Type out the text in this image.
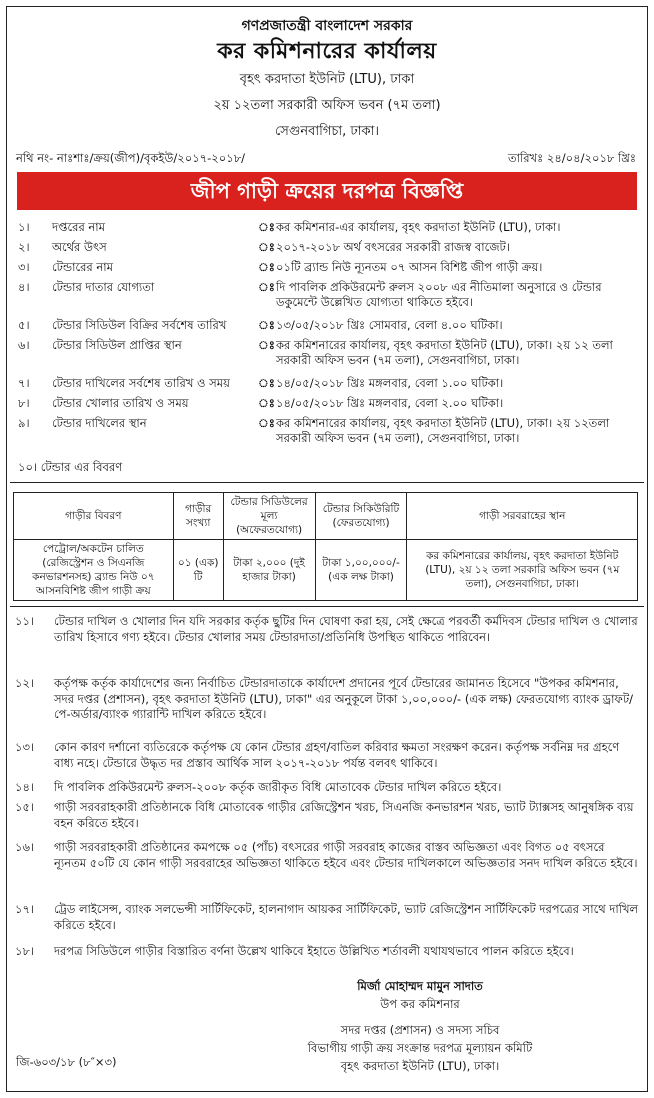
গণপ্রজাতন্ত্রী বাংলাদেশ সরকার
কর কমিশনারের কার্যালয়
বৃহৎ করদাতা ইউনিট (LTU), ঢাকা
২য় ১২তলা সরকারী অফিস ভবন (৭ম তলা)
সেগুনবাগিচা, ঢাকা।
নথি নং- নাঃশাঃ/ক্রয়(জীপ)/বৃকইউ/২০১৭-২০১৮/	তারিখঃ ২৪/০৪/২০১৮ খ্রিঃ
জীপ গাড়ী ক্রয়ের দরপত্র বিজ্ঞপ্তি
১। দপ্তরের নাম	ঃ কর কমিশনার-এর কার্যালয়, বৃহৎ করদাতা ইউনিট (LTU), ঢাকা।
২। অর্থের উৎস	ঃ ২০১৭-২০১৮ অর্থ বৎসরের সরকারী রাজস্ব বাজেট।
৩। টেন্ডারের নাম	ঃ ০১টি ব্র্যান্ড নিউ ন্যূনতম ০৭ আসন বিশিষ্ট জীপ গাড়ী ক্রয়।
৪। টেন্ডার দাতার যোগ্যতা	ঃ দি পাবলিক প্রকিউরমেন্ট রুলস ২০০৮ এর নীতিমালা অনুসারে ও টেন্ডার ডকুমেন্টে উল্লেখিত যোগ্যতা থাকিতে হইবে।
৫। টেন্ডার সিডিউল বিক্রির সর্বশেষ তারিখ	ঃ ১৩/০৫/২০১৮ খ্রিঃ সোমবার, বেলা ৪.০০ ঘটিকা।
৬। টেন্ডার সিডিউল প্রাপ্তির স্থান	ঃ কর কমিশনারের কার্যালয়, বৃহৎ করদাতা ইউনিট (LTU), ঢাকা। ২য় ১২ তলা সরকারী অফিস ভবন (৭ম তলা), সেগুনবাগিচা, ঢাকা।
৭। টেন্ডার দাখিলের সর্বশেষ তারিখ ও সময় ঃ ১৪/০৫/২০১৮ খ্রিঃ মঙ্গলবার, বেলা ১.০০ ঘটিকা।
৮। টেন্ডার খোলার তারিখ ও সময়	ঃ ১৪/০৫/২০১৮ খ্রিঃ মঙ্গলবার, বেলা ২.০০ ঘটিকা।
৯। টেন্ডার দাখিলের স্থান	ঃ কর কমিশনারের কার্যালয়, বৃহৎ করদাতা ইউনিট (LTU), ঢাকা। ২য় ১২তলা সরকারী অফিস ভবন (৭ম তলা), সেগুনবাগিচা, ঢাকা।
১০। টেন্ডার এর বিবরণ
গাড়ীর বিবরণ	গাড়ীর সংখ্যা	টেন্ডার সিডিউলের মূল্য (অফেরতযোগ্য)	টেন্ডার সিকিউরিটি (ফেরতযোগ্য)	গাড়ী সরবরাহের স্থান
পেট্রোল/অকটেন চালিত (রেজিস্ট্রেশন ও সিএনজি কনভারশনসহ) ব্র্যান্ড নিউ ০৭ আসনবিশিষ্ট জীপ গাড়ী ক্রয়	০১ (এক) টি	টাকা ২,০০০ (দুই হাজার টাকা)	টাকা ১,০০,০০০/- (এক লক্ষ টাকা)	কর কমিশনারের কার্যালয়, বৃহৎ করদাতা ইউনিট (LTU), ২য় ১২ তলা সরকারি অফিস ভবন (৭ম তলা), সেগুনবাগিচা, ঢাকা।
১১। টেন্ডার দাখিল ও খোলার দিন যদি সরকার কর্তৃক ছুটির দিন ঘোষণা করা হয়, সেই ক্ষেত্রে পরবর্তী কর্মদিবস টেন্ডার দাখিল ও খোলার তারিখ হিসাবে গণ্য হইবে। টেন্ডার খোলার সময় টেন্ডারদাতা/প্রতিনিধি উপস্থিত থাকিতে পারিবেন।
১২। কর্তৃপক্ষ কর্তৃক কার্যাদেশের জন্য নির্বাচিত টেন্ডারদাতাকে কার্যাদেশ প্রদানের পূর্বে টেন্ডারের জামানত হিসেবে "উপকর কমিশনার, সদর দপ্তর (প্রশাসন), বৃহৎ করদাতা ইউনিট (LTU), ঢাকা" এর অনুকূলে টাকা ১,০০,০০০/- (এক লক্ষ) ফেরতযোগ্য ব্যাংক ড্রাফট/পে-অর্ডার/ব্যাংক গ্যারান্টি দাখিল করিতে হইবে।
১৩। কোন কারণ দর্শানো ব্যতিরেকে কর্তৃপক্ষ যে কোন টেন্ডার গ্রহণ/বাতিল করিবার ক্ষমতা সংরক্ষণ করেন। কর্তৃপক্ষ সর্বনিম্ন দর গ্রহণে বাধ্য নহে। টেন্ডারে উদ্ধৃত দর প্রস্তাব আর্থিক সাল ২০১৭-২০১৮ পর্যন্ত বলবৎ থাকিবে।
১৪। দি পাবলিক প্রকিউরমেন্ট রুলস-২০০৮ কর্তৃক জারীকৃত বিধি মোতাবেক টেন্ডার দাখিল করিতে হইবে।
১৫। গাড়ী সরবরাহকারী প্রতিষ্ঠানকে বিধি মোতাবেক গাড়ীর রেজিস্ট্রেশন খরচ, সিএনজি কনভারশন খরচ, ভ্যাট ট্যাক্সসহ আনুষঙ্গিক ব্যয় বহন করিতে হইবে।
১৬। গাড়ী সরবরাহকারী প্রতিষ্ঠানের কমপক্ষে ০৫ (পাঁচ) বৎসরের গাড়ী সরবরাহ কাজের বাস্তব অভিজ্ঞতা এবং বিগত ০৫ বৎসরে ন্যূনতম ৫০টি যে কোন গাড়ী সরবরাহের অভিজ্ঞতা থাকিতে হইবে এবং টেন্ডার দাখিলকালে অভিজ্ঞতার সনদ দাখিল করিতে হইবে।
১৭। ট্রেড লাইসেন্স, ব্যাংক সলভেন্সী সার্টিফিকেট, হালনাগাদ আয়কর সার্টিফিকেট, ভ্যাট রেজিস্ট্রেশন সার্টিফিকেট দরপত্রের সাথে দাখিল করিতে হইবে।
১৮। দরপত্র সিডিউলে গাড়ীর বিস্তারিত বর্ণনা উল্লেখ থাকিবে ইহাতে উল্লিখিত শর্তাবলী যথাযথভাবে পালন করিতে হইবে।
মির্জা মোহাম্মদ মামুন সাদাত
উপ কর কমিশনার
সদর দপ্তর (প্রশাসন) ও সদস্য সচিব
বিভাগীয় গাড়ী ক্রয় সংক্রান্ত দরপত্র মূল্যায়ন কমিটি
বৃহৎ করদাতা ইউনিট (LTU), ঢাকা।
জি-৬০৩/১৮ (৮″×৩)
